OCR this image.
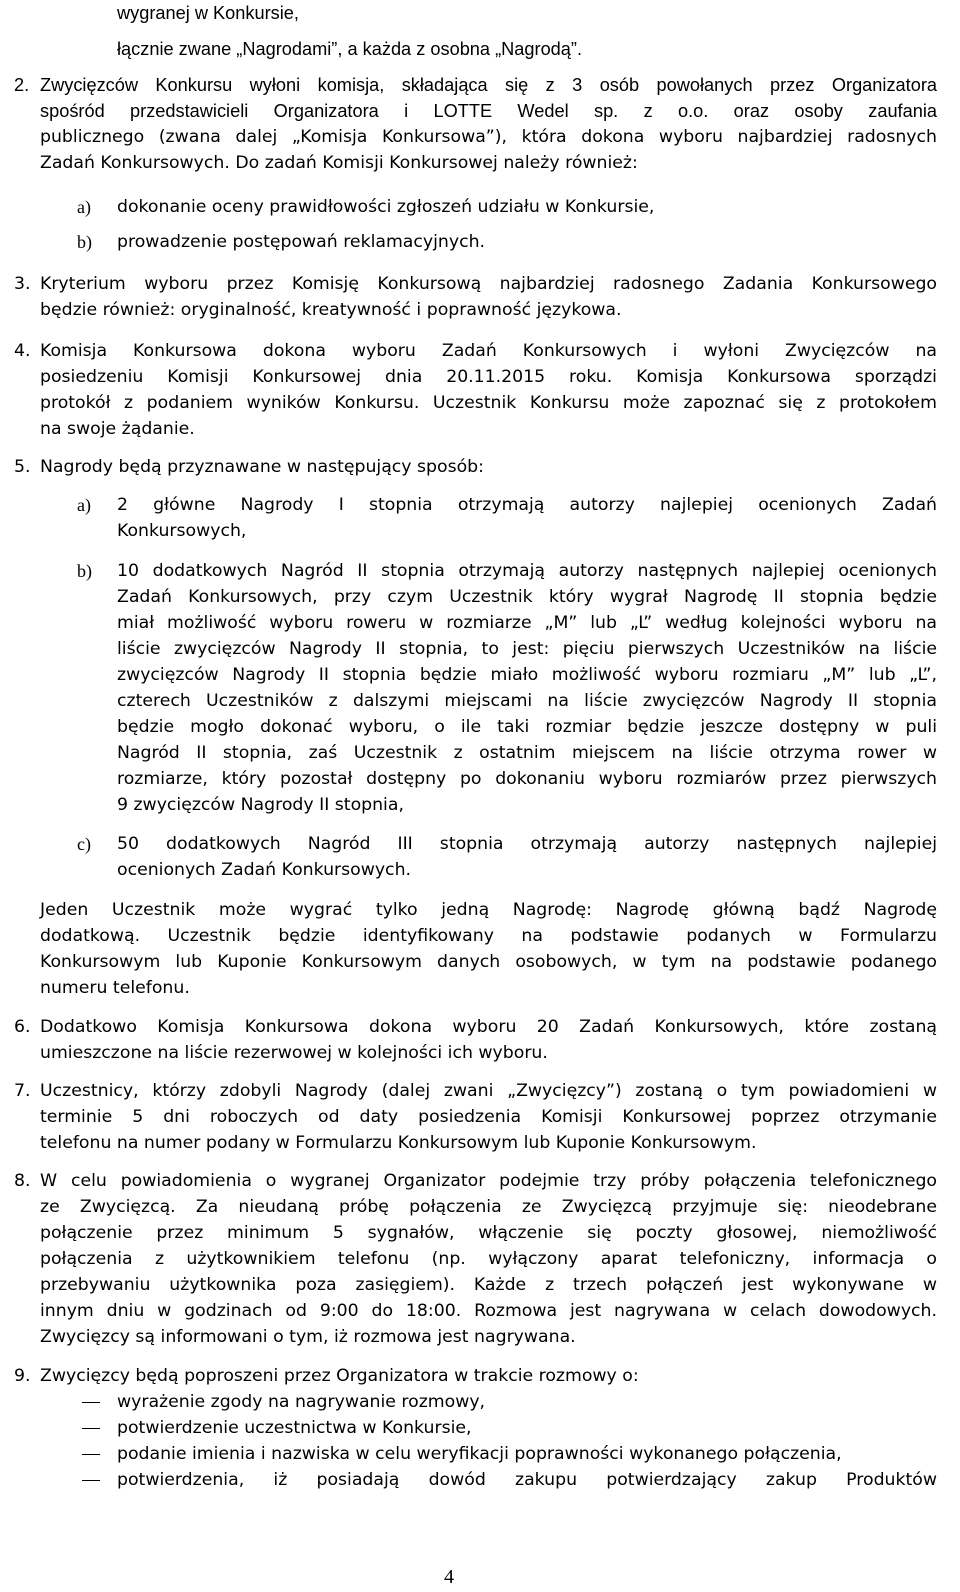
wygranej w Konkursie,
łącznie zwane „Nagrodami”, a każda z osobna „Nagrodą”.
2. Zwycięzców Konkursu wyłoni komisja, składająca się z 3 osób powołanych przez Organizatora
spośród przedstawicieli Organizatora i LOTTE Wedel sp. z o.o. oraz osoby zaufania
publicznego (zwana dalej „Komisja Konkursowa”), która dokona wyboru najbardziej radosnych
Zadań Konkursowych. Do zadań Komisji Konkursowej należy również:
a) dokonanie oceny prawidłowości zgłoszeń udziału w Konkursie,
b) prowadzenie postępowań reklamacyjnych.
3. Kryterium wyboru przez Komisję Konkursową najbardziej radosnego Zadania Konkursowego
będzie również: oryginalność, kreatywność i poprawność językowa.
4. Komisja Konkursowa dokona wyboru Zadań Konkursowych i wyłoni Zwycięzców na
posiedzeniu Komisji Konkursowej dnia 20.11.2015 roku. Komisja Konkursowa sporządzi
protokół z podaniem wyników Konkursu. Uczestnik Konkursu może zapoznać się z protokołem
na swoje żądanie.
5. Nagrody będą przyznawane w następujący sposób:
a) 2 główne Nagrody I stopnia otrzymają autorzy najlepiej ocenionych Zadań
Konkursowych,
b) 10 dodatkowych Nagród II stopnia otrzymają autorzy następnych najlepiej ocenionych
Zadań Konkursowych, przy czym Uczestnik który wygrał Nagrodę II stopnia będzie
miał możliwość wyboru roweru w rozmiarze „M” lub „L” według kolejności wyboru na
liście zwycięzców Nagrody II stopnia, to jest: pięciu pierwszych Uczestników na liście
zwycięzców Nagrody II stopnia będzie miało możliwość wyboru rozmiaru „M” lub „L”,
czterech Uczestników z dalszymi miejscami na liście zwycięzców Nagrody II stopnia
będzie mogło dokonać wyboru, o ile taki rozmiar będzie jeszcze dostępny w puli
Nagród II stopnia, zaś Uczestnik z ostatnim miejscem na liście otrzyma rower w
rozmiarze, który pozostał dostępny po dokonaniu wyboru rozmiarów przez pierwszych
9 zwycięzców Nagrody II stopnia,
c) 50 dodatkowych Nagród III stopnia otrzymają autorzy następnych najlepiej
ocenionych Zadań Konkursowych.
Jeden Uczestnik może wygrać tylko jedną Nagrodę: Nagrodę główną bądź Nagrodę
dodatkową. Uczestnik będzie identyfikowany na podstawie podanych w Formularzu
Konkursowym lub Kuponie Konkursowym danych osobowych, w tym na podstawie podanego
numeru telefonu.
6. Dodatkowo Komisja Konkursowa dokona wyboru 20 Zadań Konkursowych, które zostaną
umieszczone na liście rezerwowej w kolejności ich wyboru.
7. Uczestnicy, którzy zdobyli Nagrody (dalej zwani „Zwycięzcy”) zostaną o tym powiadomieni w
terminie 5 dni roboczych od daty posiedzenia Komisji Konkursowej poprzez otrzymanie
telefonu na numer podany w Formularzu Konkursowym lub Kuponie Konkursowym.
8. W celu powiadomienia o wygranej Organizator podejmie trzy próby połączenia telefonicznego
ze Zwycięzcą. Za nieudaną próbę połączenia ze Zwycięzcą przyjmuje się: nieodebrane
połączenie przez minimum 5 sygnałów, włączenie się poczty głosowej, niemożliwość
połączenia z użytkownikiem telefonu (np. wyłączony aparat telefoniczny, informacja o
przebywaniu użytkownika poza zasięgiem). Każde z trzech połączeń jest wykonywane w
innym dniu w godzinach od 9:00 do 18:00. Rozmowa jest nagrywana w celach dowodowych.
Zwycięzcy są informowani o tym, iż rozmowa jest nagrywana.
9. Zwycięzcy będą poproszeni przez Organizatora w trakcie rozmowy o:
wyrażenie zgody na nagrywanie rozmowy,
potwierdzenie uczestnictwa w Konkursie,
podanie imienia i nazwiska w celu weryfikacji poprawności wykonanego połączenia,
potwierdzenia, iż posiadają dowód zakupu potwierdzający zakup Produktów
4
